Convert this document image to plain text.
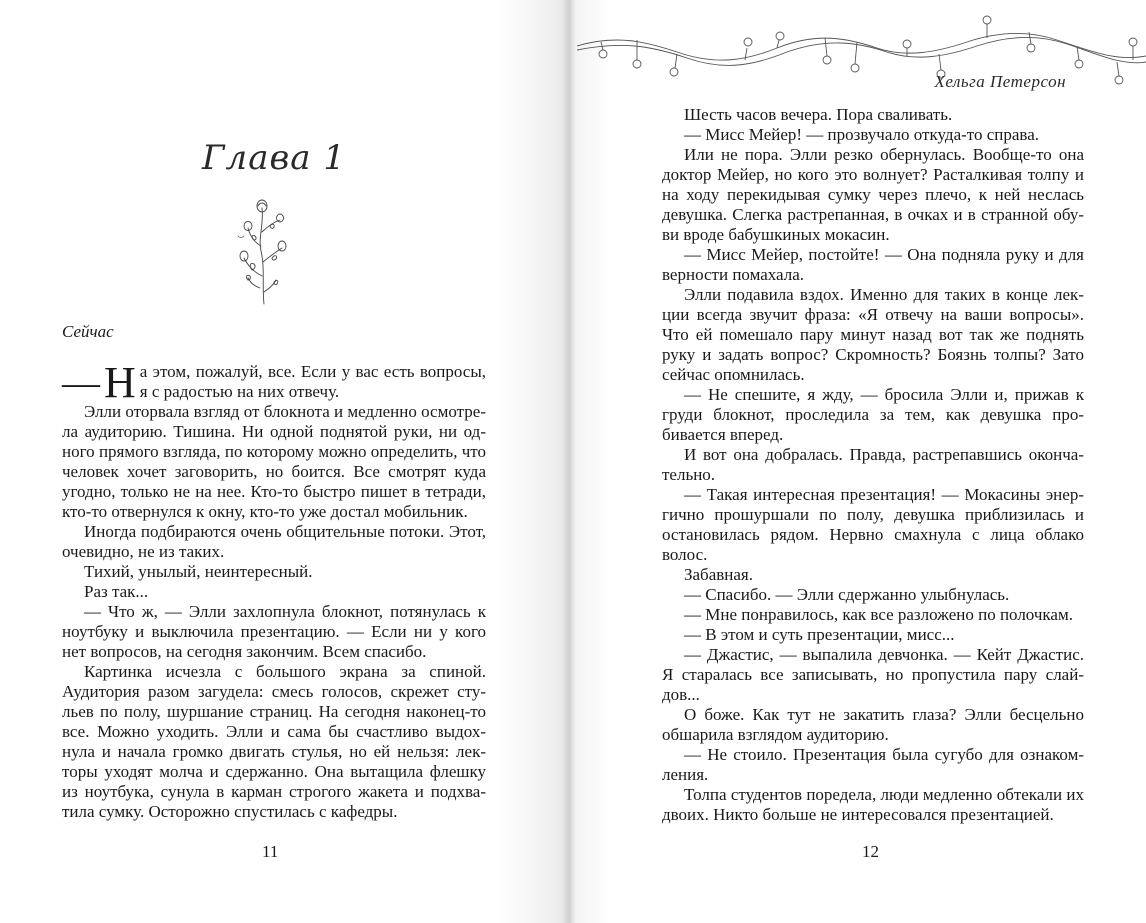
Глава 1
Сейчас

— Н а этом, пожалуй, все. Если у вас есть вопросы, я с радостью на них отвечу.

Элли оторвала взгляд от блокнота и медленно осмотрела аудиторию. Тишина. Ни одной поднятой руки, ни одного прямого взгляда, по которому можно определить, что человек хочет заговорить, но боится. Все смотрят куда угодно, только не на нее. Кто-то быстро пишет в тетради, кто-то отвернулся к окну, кто-то уже достал мобильник.

Иногда подбираются очень общительные потоки. Этот, очевидно, не из таких.

Тихий, унылый, неинтересный.

Раз так...

— Что ж, — Элли захлопнула блокнот, потянулась к ноутбуку и выключила презентацию. — Если ни у кого нет вопросов, на сегодня закончим. Всем спасибо.

Картинка исчезла с большого экрана за спиной. Аудитория разом загудела: смесь голосов, скрежет стульев по полу, шуршание страниц. На сегодня наконец-то все. Можно уходить. Элли и сама бы счастливо выдохнула и начала громко двигать стулья, но ей нельзя: лекторы уходят молча и сдержанно. Она вытащила флешку из ноутбука, сунула в карман строгого жакета и подхватила сумку. Осторожно спустилась с кафедры.

11
Хельга Петерсон

Шесть часов вечера. Пора сваливать.

— Мисс Мейер! — прозвучало откуда-то справа.

Или не пора. Элли резко обернулась. Вообще-то она доктор Мейер, но кого это волнует? Расталкивая толпу и на ходу перекидывая сумку через плечо, к ней неслась девушка. Слегка растрепанная, в очках и в странной обуви вроде бабушкиных мокасин.

— Мисс Мейер, постойте! — Она подняла руку и для верности помахала.

Элли подавила вздох. Именно для таких в конце лекции всегда звучит фраза: «Я отвечу на ваши вопросы». Что ей помешало пару минут назад вот так же поднять руку и задать вопрос? Скромность? Боязнь толпы? Зато сейчас опомнилась.

— Не спешите, я жду, — бросила Элли и, прижав к груди блокнот, проследила за тем, как девушка пробивается вперед.

И вот она добралась. Правда, растрепавшись окончательно.

— Такая интересная презентация! — Мокасины энергично прошуршали по полу, девушка приблизилась и остановилась рядом. Нервно смахнула с лица облако волос.

Забавная.

— Спасибо. — Элли сдержанно улыбнулась.

— Мне понравилось, как все разложено по полочкам.

— В этом и суть презентации, мисс...

— Джастис, — выпалила девчонка. — Кейт Джастис. Я старалась все записывать, но пропустила пару слайдов...

О боже. Как тут не закатить глаза? Элли бесцельно обшарила взглядом аудиторию.

— Не стоило. Презентация была сугубо для ознакомления.

Толпа студентов поредела, люди медленно обтекали их двоих. Никто больше не интересовался презентацией.

12
